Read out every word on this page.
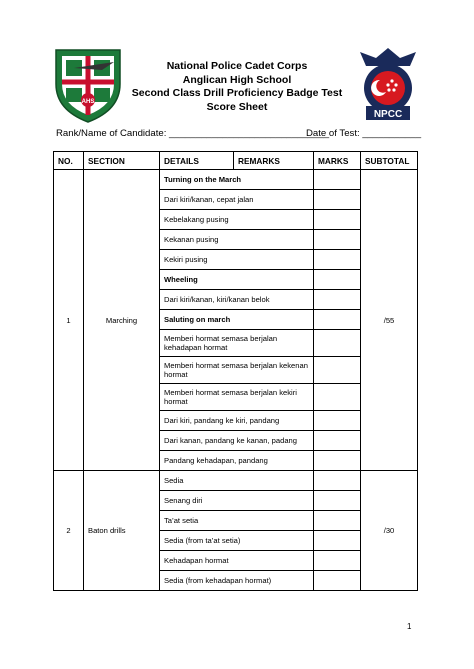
AHS
National Police Cadet Corps
Anglican High School
Second Class Drill Proficiency Badge Test
Score Sheet
NPCC
Rank/Name of Candidate: ______________________________
Date of Test: ___________
NO.	SECTION	DETAILS	REMARKS	MARKS	SUBTOTAL
1	Marching	Turning on the March			/55
		Dari kiri/kanan, cepat jalan			
		Kebelakang pusing			
		Kekanan pusing			
		Kekiri pusing			
		Wheeling			
		Dari kiri/kanan, kiri/kanan belok			
		Saluting on march			
		Memberi hormat semasa berjalan kehadapan hormat			
		Memberi hormat semasa berjalan kekenan hormat			
		Memberi hormat semasa berjalan kekiri hormat			
		Dari kiri, pandang ke kiri, pandang			
		Dari kanan, pandang ke kanan, padang			
		Pandang kehadapan, pandang			
2	Baton drills	Sedia			/30
		Senang diri			
		Ta’at setia			
		Sedia (from ta’at setia)			
		Kehadapan hormat			
		Sedia (from kehadapan hormat)			
1
